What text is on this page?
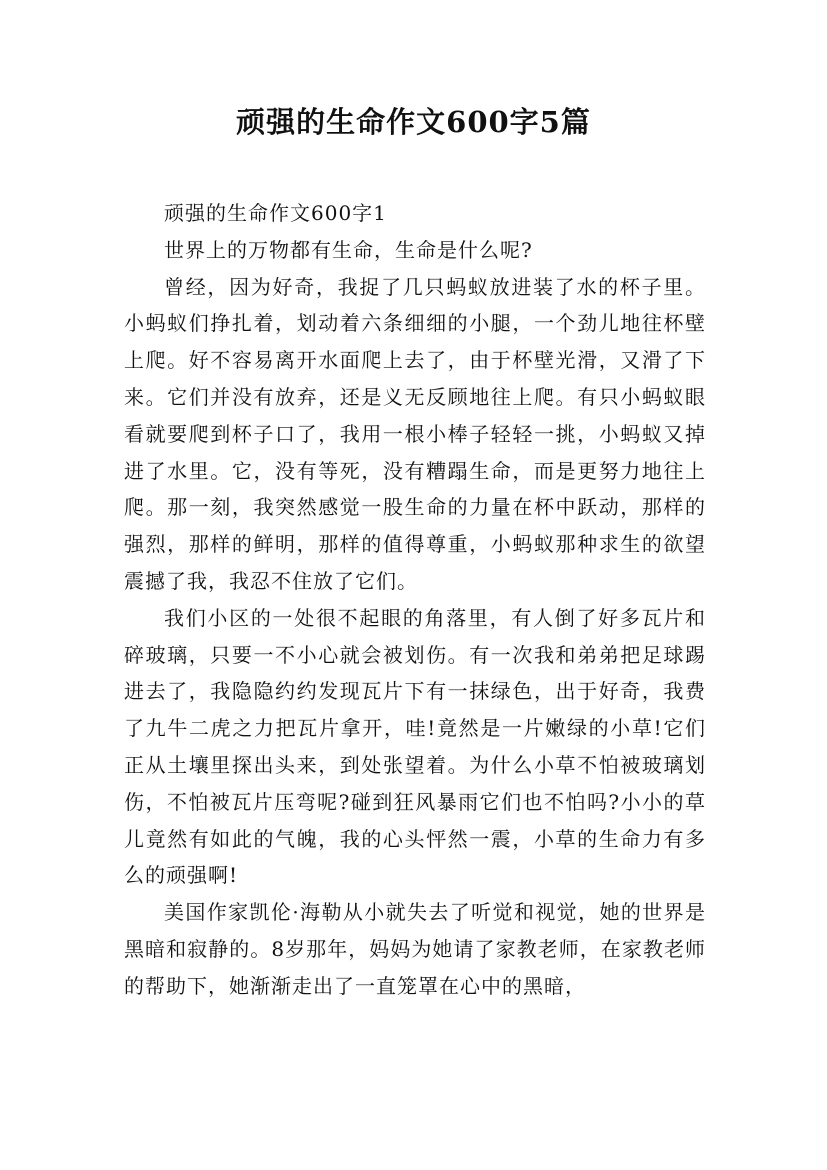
顽强的生命作文600字5篇

顽强的生命作文600字1

世界上的万物都有生命，生命是什么呢?

曾经，因为好奇，我捉了几只蚂蚁放进装了水的杯子里。小蚂蚁们挣扎着，划动着六条细细的小腿，一个劲儿地往杯壁上爬。好不容易离开水面爬上去了，由于杯壁光滑，又滑了下来。它们并没有放弃，还是义无反顾地往上爬。有只小蚂蚁眼看就要爬到杯子口了，我用一根小棒子轻轻一挑，小蚂蚁又掉进了水里。它，没有等死，没有糟蹋生命，而是更努力地往上爬。那一刻，我突然感觉一股生命的力量在杯中跃动，那样的强烈，那样的鲜明，那样的值得尊重，小蚂蚁那种求生的欲望震撼了我，我忍不住放了它们。

我们小区的一处很不起眼的角落里，有人倒了好多瓦片和碎玻璃，只要一不小心就会被划伤。有一次我和弟弟把足球踢进去了，我隐隐约约发现瓦片下有一抹绿色，出于好奇，我费了九牛二虎之力把瓦片拿开，哇!竟然是一片嫩绿的小草!它们正从土壤里探出头来，到处张望着。为什么小草不怕被玻璃划伤，不怕被瓦片压弯呢?碰到狂风暴雨它们也不怕吗?小小的草儿竟然有如此的气魄，我的心头怦然一震，小草的生命力有多么的顽强啊!

美国作家凯伦·海勒从小就失去了听觉和视觉，她的世界是黑暗和寂静的。8岁那年，妈妈为她请了家教老师，在家教老师的帮助下，她渐渐走出了一直笼罩在心中的黑暗，
